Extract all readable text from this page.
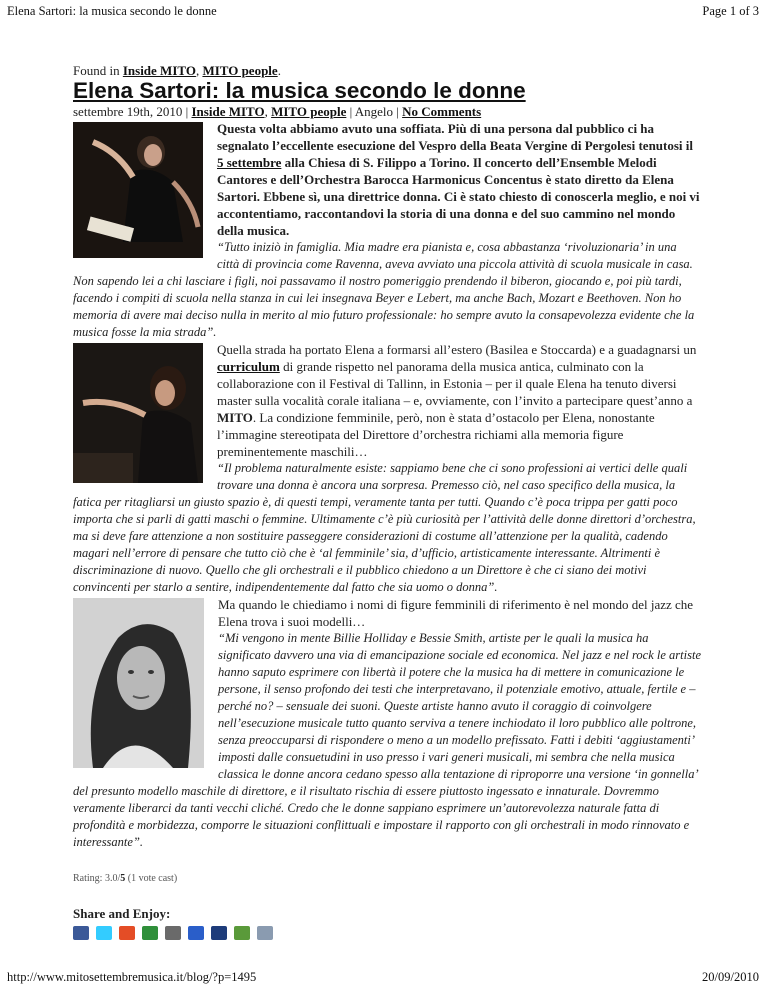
Elena Sartori: la musica secondo le donne	Page 1 of 3

Found in Inside MITO, MITO people.

Elena Sartori: la musica secondo le donne

settembre 19th, 2010 | Inside MITO, MITO people | Angelo | No Comments

Questa volta abbiamo avuto una soffiata. Più di una persona dal pubblico ci ha segnalato l’eccellente esecuzione del Vespro della Beata Vergine di Pergolesi tenutosi il 5 settembre alla Chiesa di S. Filippo a Torino. Il concerto dell’Ensemble Melodi Cantores e dell’Orchestra Barocca Harmonicus Concentus è stato diretto da Elena Sartori. Ebbene sì, una direttrice donna. Ci è stato chiesto di conoscerla meglio, e noi vi accontentiamo, raccontandovi la storia di una donna e del suo cammino nel mondo della musica.

“Tutto iniziò in famiglia. Mia madre era pianista e, cosa abbastanza ‘rivoluzionaria’ in una città di provincia come Ravenna, aveva avviato una piccola attività di scuola musicale in casa. Non sapendo lei a chi lasciare i figli, noi passavamo il nostro pomeriggio prendendo il biberon, giocando e, poi più tardi, facendo i compiti di scuola nella stanza in cui lei insegnava Beyer e Lebert, ma anche Bach, Mozart e Beethoven. Non ho memoria di avere mai deciso nulla in merito al mio futuro professionale: ho sempre avuto la consapevolezza evidente che la musica fosse la mia strada”.

Quella strada ha portato Elena a formarsi all’estero (Basilea e Stoccarda) e a guadagnarsi un curriculum di grande rispetto nel panorama della musica antica, culminato con la collaborazione con il Festival di Tallinn, in Estonia – per il quale Elena ha tenuto diversi master sulla vocalità corale italiana – e, ovviamente, con l’invito a partecipare quest’anno a MITO. La condizione femminile, però, non è stata d’ostacolo per Elena, nonostante l’immagine stereotipata del Direttore d’orchestra richiami alla memoria figure preminentemente maschili…

“Il problema naturalmente esiste: sappiamo bene che ci sono professioni ai vertici delle quali trovare una donna è ancora una sorpresa. Premesso ciò, nel caso specifico della musica, la fatica per ritagliarsi un giusto spazio è, di questi tempi, veramente tanta per tutti. Quando c’è poca trippa per gatti poco importa che si parli di gatti maschi o femmine. Ultimamente c’è più curiosità per l’attività delle donne direttori d’orchestra, ma si deve fare attenzione a non sostituire passeggere considerazioni di costume all’attenzione per la qualità, cadendo magari nell’errore di pensare che tutto ciò che è ‘al femminile’ sia, d’ufficio, artisticamente interessante. Altrimenti è discriminazione di nuovo. Quello che gli orchestrali e il pubblico chiedono a un Direttore è che ci siano dei motivi convincenti per starlo a sentire, indipendentemente dal fatto che sia uomo o donna”.

Ma quando le chiediamo i nomi di figure femminili di riferimento è nel mondo del jazz che Elena trova i suoi modelli…

“Mi vengono in mente Billie Holliday e Bessie Smith, artiste per le quali la musica ha significato davvero una via di emancipazione sociale ed economica. Nel jazz e nel rock le artiste hanno saputo esprimere con libertà il potere che la musica ha di mettere in comunicazione le persone, il senso profondo dei testi che interpretavano, il potenziale emotivo, attuale, fertile e – perché no? – sensuale dei suoni. Queste artiste hanno avuto il coraggio di coinvolgere nell’esecuzione musicale tutto quanto serviva a tenere inchiodato il loro pubblico alle poltrone, senza preoccuparsi di rispondere o meno a un modello prefissato. Fatti i debiti ‘aggiustamenti’ imposti dalle consuetudini in uso presso i vari generi musicali, mi sembra che nella musica classica le donne ancora cedano spesso alla tentazione di riproporre una versione ‘in gonnella’ del presunto modello maschile di direttore, e il risultato rischia di essere piuttosto ingessato e innaturale. Dovremmo veramente liberarci da tanti vecchi cliché. Credo che le donne sappiano esprimere un’autorevolezza naturale fatta di profondità e morbidezza, comporre le situazioni conflittuali e impostare il rapporto con gli orchestrali in modo rinnovato e interessante”.

Rating: 3.0/5 (1 vote cast)
Share and Enjoy:
http://www.mitosettembremusica.it/blog/?p=1495	20/09/2010
